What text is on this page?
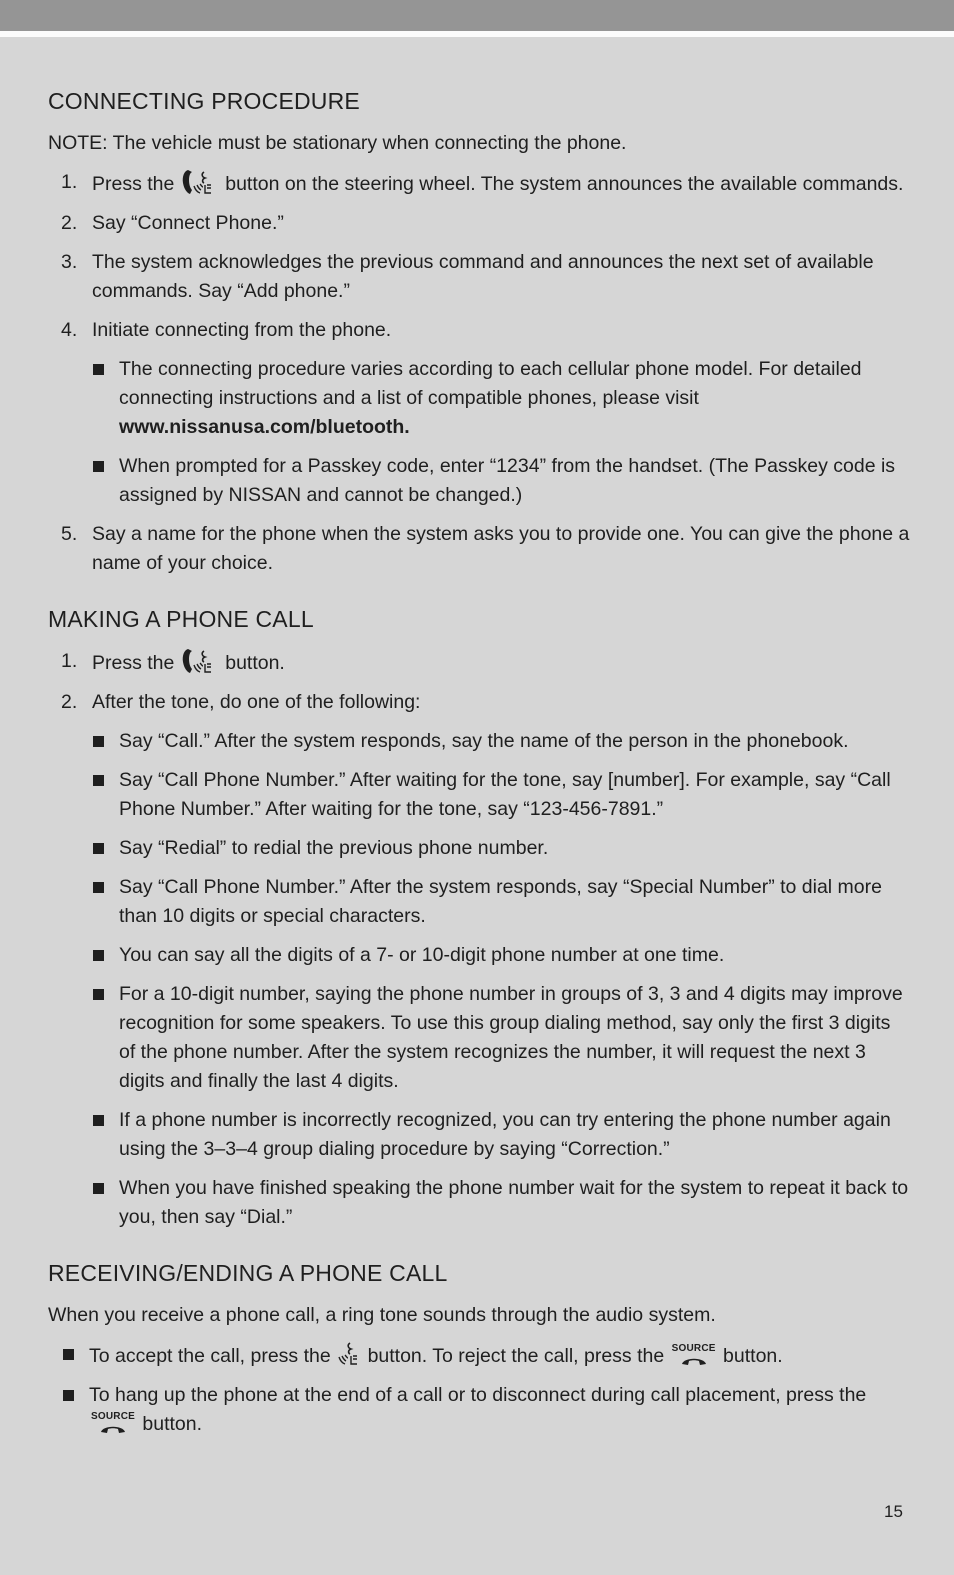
CONNECTING PROCEDURE

NOTE: The vehicle must be stationary when connecting the phone.

1. Press the	button on the steering wheel. The system announces the available commands.
2. Say “Connect Phone.”
3. The system acknowledges the previous command and announces the next set of available commands. Say “Add phone.”
4. Initiate connecting from the phone.
The connecting procedure varies according to each cellular phone model. For detailed connecting instructions and a list of compatible phones, please visit
www.nissanusa.com/bluetooth.
When prompted for a Passkey code, enter “1234” from the handset. (The Passkey code is assigned by NISSAN and cannot be changed.)
5. Say a name for the phone when the system asks you to provide one. You can give the phone a name of your choice.
MAKING A PHONE CALL
1. Press the	button.
2. After the tone, do one of the following:
Say “Call.” After the system responds, say the name of the person in the phonebook.
Say “Call Phone Number.” After waiting for the tone, say [number]. For example, say “Call Phone Number.” After waiting for the tone, say “123-456-7891.”
Say “Redial” to redial the previous phone number.
Say “Call Phone Number.” After the system responds, say “Special Number” to dial more than 10 digits or special characters.
You can say all the digits of a 7- or 10-digit phone number at one time.
For a 10-digit number, saying the phone number in groups of 3, 3 and 4 digits may improve recognition for some speakers. To use this group dialing method, say only the first 3 digits of the phone number. After the system recognizes the number, it will request the next 3 digits and finally the last 4 digits.
If a phone number is incorrectly recognized, you can try entering the phone number again using the 3–3–4 group dialing procedure by saying “Correction.”
When you have finished speaking the phone number wait for the system to repeat it back to you, then say “Dial.”
RECEIVING/ENDING A PHONE CALL

When you receive a phone call, a ring tone sounds through the audio system.

To accept the call, press the button. To reject the call, press the SOURCE button.
To hang up the phone at the end of a call or to disconnect during call placement, press the
SOURCE button.
15
